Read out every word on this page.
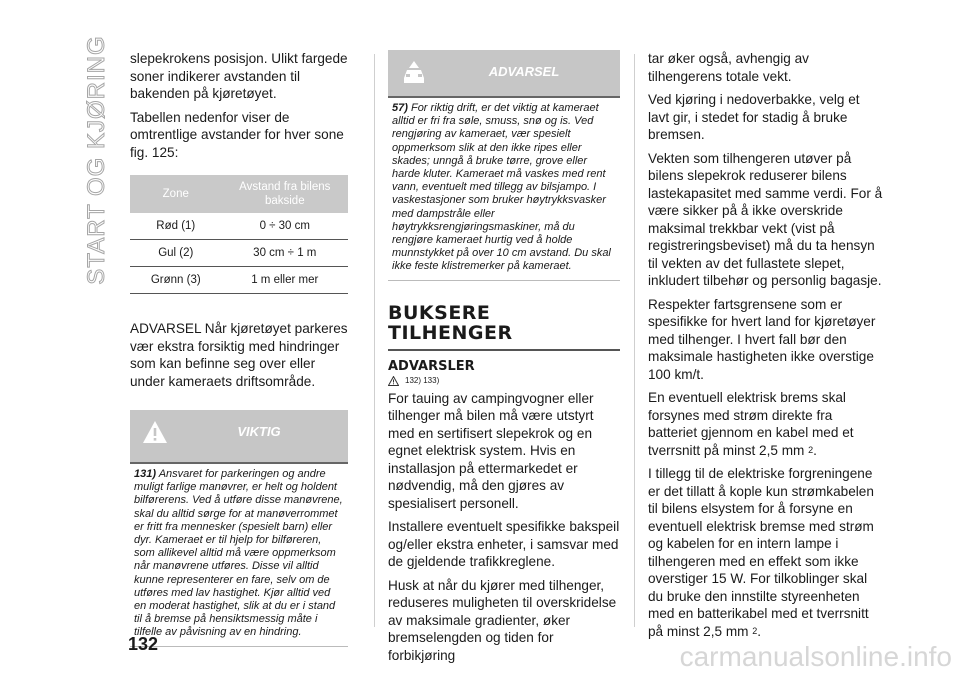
START OG KJØRING slepekrokens posisjon. Ulikt fargede soner indikerer avstanden til bakenden på kjøretøyet.

Tabellen nedenfor viser de omtrentlige avstander for hver sone fig. 125:

Zone	Avstand fra bilens bakside
Rød (1)	0 ÷ 30 cm
Gul (2)	30 cm ÷ 1 m
Grønn (3)	1 m eller mer

ADVARSEL Når kjøretøyet parkeres vær ekstra forsiktig med hindringer som kan befinne seg over eller under kameraets driftsområde.

VIKTIG
131) Ansvaret for parkeringen og andre muligt farlige manøvrer, er helt og holdent bilførerens. Ved å utføre disse manøvrene, skal du alltid sørge for at manøverrommet er fritt fra mennesker (spesielt barn) eller dyr. Kameraet er til hjelp for bilføreren, som allikevel alltid må være oppmerksom når manøvrene utføres. Disse vil alltid kunne representerer en fare, selv om de utføres med lav hastighet. Kjør alltid ved en moderat hastighet, slik at du er i stand til å bremse på hensiktsmessig måte i tilfelle av påvisning av en hindring.
ADVARSEL
57) For riktig drift, er det viktig at kameraet alltid er fri fra søle, smuss, snø og is. Ved rengjøring av kameraet, vær spesielt oppmerksom slik at den ikke ripes eller skades; unngå å bruke tørre, grove eller harde kluter. Kameraet må vaskes med rent vann, eventuelt med tillegg av bilsjampo. I vaskestasjoner som bruker høytrykksvasker med dampstråle eller høytrykksrengjøringsmaskiner, må du rengjøre kameraet hurtig ved å holde munnstykket på over 10 cm avstand. Du skal ikke feste klistremerker på kameraet.
BUKSERE TILHENGER
ADVARSLER
132) 133)

For tauing av campingvogner eller tilhenger må bilen må være utstyrt med en sertifisert slepekrok og en egnet elektrisk system. Hvis en installasjon på ettermarkedet er nødvendig, må den gjøres av spesialisert personell.

Installere eventuelt spesifikke bakspeil og/eller ekstra enheter, i samsvar med de gjeldende trafikkreglene.

Husk at når du kjører med tilhenger, reduseres muligheten til overskridelse av maksimale gradienter, øker bremselengden og tiden for forbikjøring

tar øker også, avhengig av tilhengerens totale vekt.

Ved kjøring i nedoverbakke, velg et lavt gir, i stedet for stadig å bruke bremsen.

Vekten som tilhengeren utøver på bilens slepekrok reduserer bilens lastekapasitet med samme verdi. For å være sikker på å ikke overskride maksimal trekkbar vekt (vist på registreringsbeviset) må du ta hensyn til vekten av det fullastete slepet, inkludert tilbehør og personlig bagasje.

Respekter fartsgrensene som er spesifikke for hvert land for kjøretøyer med tilhenger. I hvert fall bør den maksimale hastigheten ikke overstige 100 km/t.

En eventuell elektrisk brems skal forsynes med strøm direkte fra batteriet gjennom en kabel med et tverrsnitt på minst 2,5 mm $^2$.

I tillegg til de elektriske forgreningene er det tillatt å kople kun strømkabelen til bilens elsystem for å forsyne en eventuell elektrisk bremse med strøm og kabelen for en intern lampe i tilhengeren med en effekt som ikke overstiger 15 W. For tilkoblinger skal du bruke den innstilte styreenheten med en batterikabel med et tverrsnitt på minst 2,5 mm $^2$.

132	carmanualsonline.info
